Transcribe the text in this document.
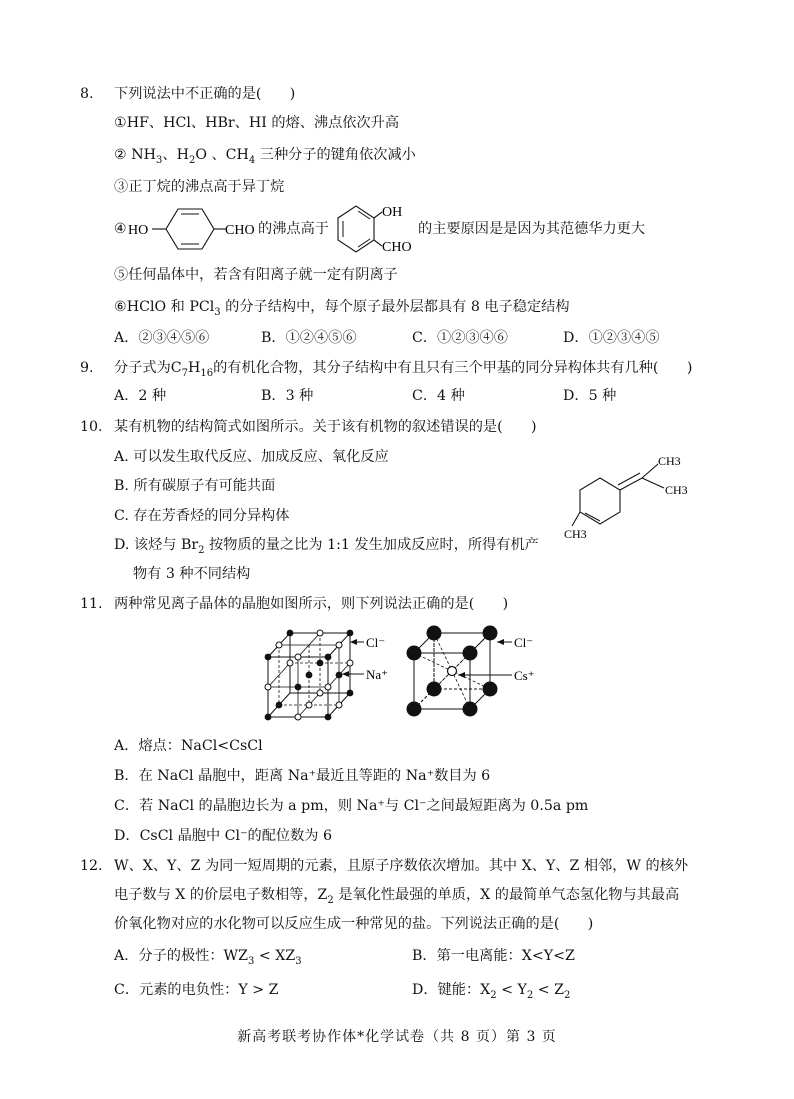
8. 下列说法中不正确的是(　　)
①HF、HCl、HBr、HI 的熔、沸点依次升高
② $NH_3$、$H_2O$ 、$CH_4$ 三种分子的键角依次减小
③正丁烷的沸点高于异丁烷
④ HO	CHO 的沸点高于
OH
CHO
的主要原因是是因为其范德华力更大
⑤任何晶体中，若含有阳离子就一定有阴离子
⑥HClO 和 PCl$_3$ 的分子结构中，每个原子最外层都具有 8 电子稳定结构
A．②③④⑤⑥	B．①②④⑤⑥	C．①②③④⑥	D．①②③④⑤
9. 分子式为$C_7H_{16}$的有机化合物，其分子结构中有且只有三个甲基的同分异构体共有几种(　　)
A．2 种	B．3 种	C．4 种	D．5 种
10. 某有机物的结构简式如图所示。关于该有机物的叙述错误的是(　　)
A. 可以发生取代反应、加成反应、氧化反应
B. 所有碳原子有可能共面
C. 存在芳香烃的同分异构体
D. 该烃与 $Br_2$ 按物质的量之比为 1:1 发生加成反应时，所得有机产
物有 3 种不同结构
CH3
CH3
CH3
11. 两种常见离子晶体的晶胞如图所示，则下列说法正确的是(　　)
Cl⁻
Na⁺
Cl⁻
Cs⁺
A．熔点：NaCl<CsCl
B．在 NaCl 晶胞中，距离 Na⁺最近且等距的 Na⁺数目为 6
C．若 NaCl 的晶胞边长为 a pm，则 Na⁺与 Cl⁻之间最短距离为 0.5a pm
D．CsCl 晶胞中 Cl⁻的配位数为 6
12. W、X、Y、Z 为同一短周期的元素，且原子序数依次增加。其中 X、Y、Z 相邻，W 的核外
电子数与 X 的价层电子数相等，$Z_2$ 是氧化性最强的单质，X 的最简单气态氢化物与其最高
价氧化物对应的水化物可以反应生成一种常见的盐。下列说法正确的是(　　)
A．分子的极性：$WZ_3 < XZ_3$	B．第一电离能：X<Y<Z
C．元素的电负性：Y > Z	D．键能：$X_2 < Y_2 < Z_2$
新高考联考协作体*化学试卷（共 8 页）第 3 页
